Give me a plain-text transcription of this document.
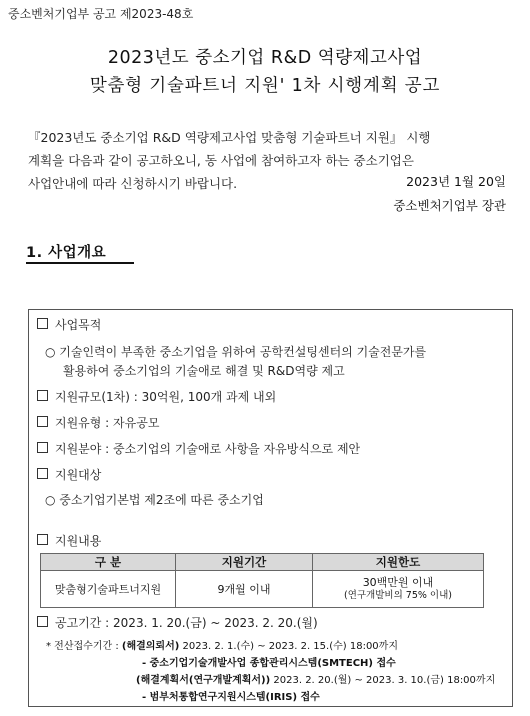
중소벤처기업부 공고 제2023-48호
2023년도 중소기업 R&D 역량제고사업
맞춤형 기술파트너 지원' 1차 시행계획 공고
『2023년도 중소기업 R&D 역량제고사업 맞춤형 기술파트너 지원』 시행
계획을 다음과 같이 공고하오니, 동 사업에 참여하고자 하는 중소기업은
사업안내에 따라 신청하시기 바랍니다.	2023년 1월 20일
중소벤처기업부 장관
1. 사업개요
사업목적
○ 기술인력이 부족한 중소기업을 위하여 공학컨설팅센터의 기술전문가를
활용하여 중소기업의 기술애로 해결 및 R&D역량 제고
지원규모(1차) : 30억원, 100개 과제 내외
지원유형 : 자유공모
지원분야 : 중소기업의 기술애로 사항을 자유방식으로 제안
지원대상
○ 중소기업기본법 제2조에 따른 중소기업
지원내용
구 분	지원기간	지원한도
맞춤형기술파트너지원	9개월 이내	30백만원 이내
(연구개발비의 75% 이내)
공고기간 : 2023. 1. 20.(금) ~ 2023. 2. 20.(월)
* 전산접수기간 : (해결의뢰서) 2023. 2. 1.(수) ~ 2023. 2. 15.(수) 18:00까지
- 중소기업기술개발사업 종합관리시스템(SMTECH) 접수
(해결계획서(연구개발계획서)) 2023. 2. 20.(월) ~ 2023. 3. 10.(금) 18:00까지
- 범부처통합연구지원시스템(IRIS) 접수
